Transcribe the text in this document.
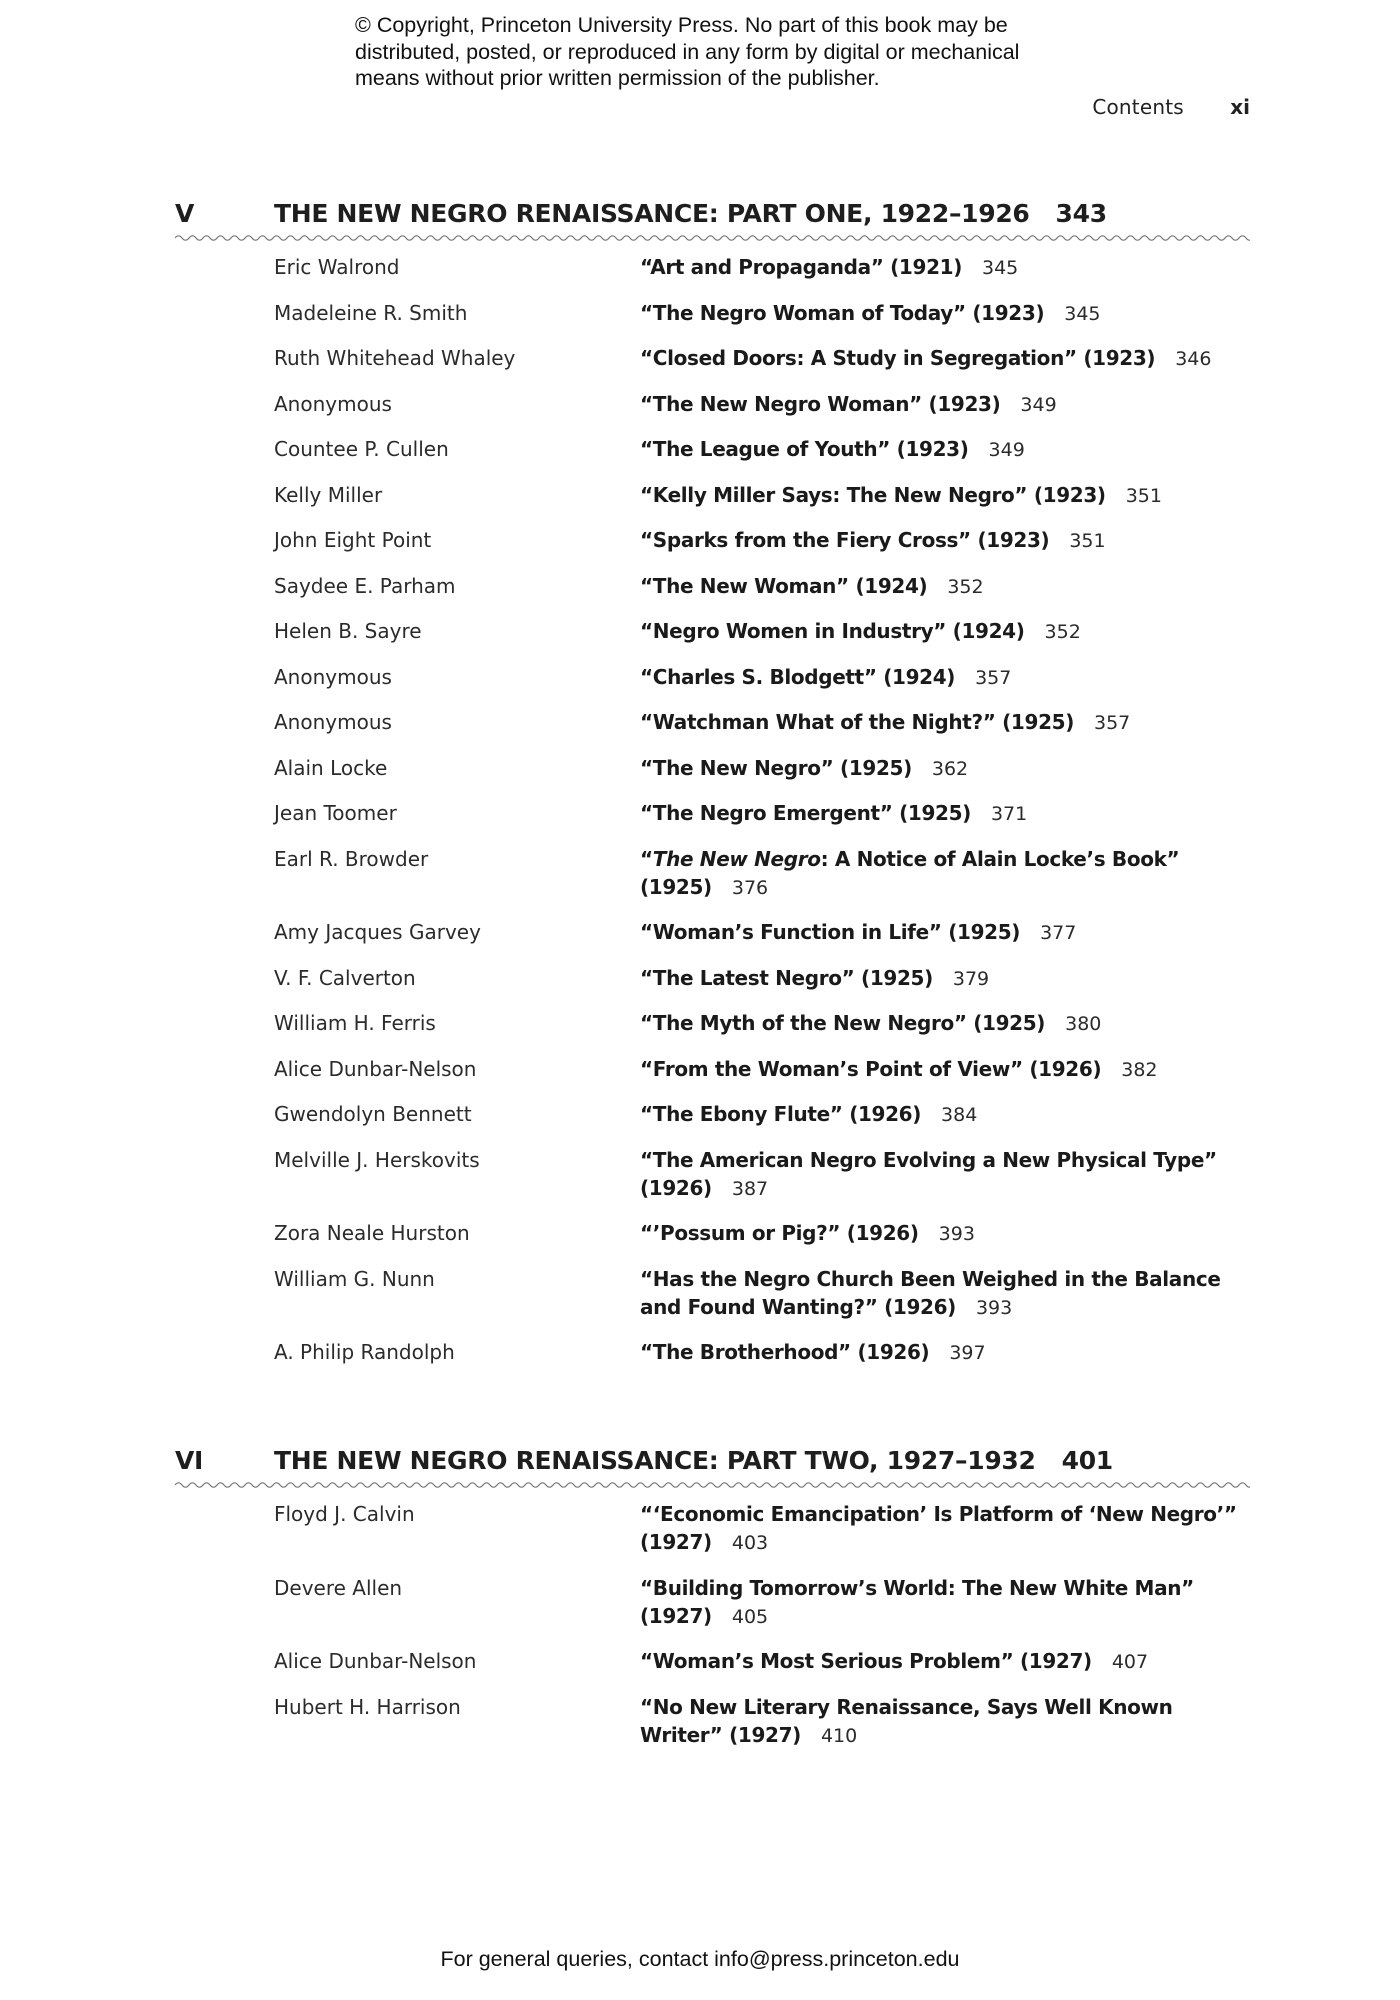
© Copyright, Princeton University Press. No part of this book may be distributed, posted, or reproduced in any form by digital or mechanical means without prior written permission of the publisher.
Contents xi
V	THE NEW NEGRO RENAISSANCE: PART ONE, 1922–1926 343
Eric Walrond	“Art and Propaganda” (1921) 345
Madeleine R. Smith	“The Negro Woman of Today” (1923) 345
Ruth Whitehead Whaley	“Closed Doors: A Study in Segregation” (1923) 346
Anonymous	“The New Negro Woman” (1923) 349
Countee P. Cullen	“The League of Youth” (1923) 349
Kelly Miller	“Kelly Miller Says: The New Negro” (1923) 351
John Eight Point	“Sparks from the Fiery Cross” (1923) 351
Saydee E. Parham	“The New Woman” (1924) 352
Helen B. Sayre	“Negro Women in Industry” (1924) 352
Anonymous	“Charles S. Blodgett” (1924) 357
Anonymous	“Watchman What of the Night?” (1925) 357
Alain Locke	“The New Negro” (1925) 362
Jean Toomer	“The Negro Emergent” (1925) 371
Earl R. Browder	“The New Negro: A Notice of Alain Locke’s Book” (1925) 376
Amy Jacques Garvey	“Woman’s Function in Life” (1925) 377
V. F. Calverton	“The Latest Negro” (1925) 379
William H. Ferris	“The Myth of the New Negro” (1925) 380
Alice Dunbar-Nelson	“From the Woman’s Point of View” (1926) 382
Gwendolyn Bennett	“The Ebony Flute” (1926) 384
Melville J. Herskovits	“The American Negro Evolving a New Physical Type” (1926) 387
Zora Neale Hurston	“’Possum or Pig?” (1926) 393
William G. Nunn	“Has the Negro Church Been Weighed in the Balance and Found Wanting?” (1926) 393
A. Philip Randolph	“The Brotherhood” (1926) 397
VI	THE NEW NEGRO RENAISSANCE: PART TWO, 1927–1932 401
Floyd J. Calvin	“‘Economic Emancipation’ Is Platform of ‘New Negro’” (1927) 403
Devere Allen	“Building Tomorrow’s World: The New White Man” (1927) 405
Alice Dunbar-Nelson	“Woman’s Most Serious Problem” (1927) 407
Hubert H. Harrison	“No New Literary Renaissance, Says Well Known Writer” (1927) 410
For general queries, contact info@press.princeton.edu
